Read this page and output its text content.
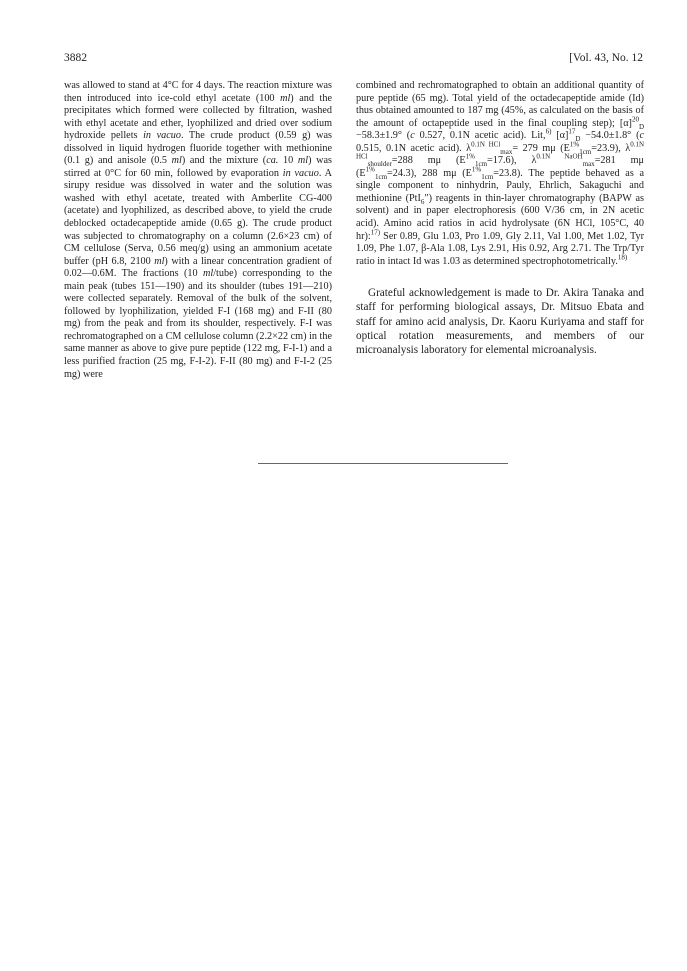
3882	[Vol. 43, No. 12

was allowed to stand at 4°C for 4 days. The reaction mixture was then introduced into ice-cold ethyl acetate (100 ml) and the precipitates which formed were collected by filtration, washed with ethyl acetate and ether, lyophilized and dried over sodium hydroxide pellets in vacuo. The crude product (0.59 g) was dissolved in liquid hydrogen fluoride together with methionine (0.1 g) and anisole (0.5 ml) and the mixture (ca. 10 ml) was stirred at 0°C for 60 min, followed by evaporation in vacuo. A sirupy residue was dissolved in water and the solution was washed with ethyl acetate, treated with Amberlite CG-400 (acetate) and lyophilized, as described above, to yield the crude deblocked octadecapeptide amide (0.65 g). The crude product was subjected to chromatography on a column (2.6×23 cm) of CM cellulose (Serva, 0.56 meq/g) using an ammonium acetate buffer (pH 6.8, 2100 ml) with a linear concentration gradient of 0.02—0.6M. The fractions (10 ml/tube) corresponding to the main peak (tubes 151—190) and its shoulder (tubes 191—210) were collected separately. Removal of the bulk of the solvent, followed by lyophilization, yielded F-I (168 mg) and F-II (80 mg) from the peak and from its shoulder, respectively. F-I was rechromatographed on a CM cellulose column (2.2×22 cm) in the same manner as above to give pure peptide (122 mg, F-I-1) and a less purified fraction (25 mg, F-I-2). F-II (80 mg) and F-I-2 (25 mg) were

combined and rechromatographed to obtain an additional quantity of pure peptide (65 mg). Total yield of the octadecapeptide amide (Id) thus obtained amounted to 187 mg (45%, as calculated on the basis of the amount of octapeptide used in the final coupling step); $[\alpha]^{20}_D -58.3\pm 1.9^\circ$ (c 0.527, 0.1N acetic acid). Lit,$^{6)}$ $[\alpha]^{17}_D -54.0\pm 1.8^\circ$ (c 0.515, 0.1N acetic acid). $\lambda^{0.1N HCl}_{max}= 279$ mμ $(E^{1\%}_{1cm}=23.9)$, $\lambda^{0.1N HCl}_{shoulder}=288$ mμ $(E^{1\%}_{1cm}=17.6)$, $\lambda^{0.1N NaOH}_{max}=281$ mμ $(E^{1\%}_{1cm}=24.3)$, 288 mμ $(E^{1\%}_{1cm}=23.8)$. The peptide behaved as a single component to ninhydrin, Pauly, Ehrlich, Sakaguchi and methionine (PtI$_6$″) reagents in thin-layer chromatography (BAPW as solvent) and in paper electrophoresis (600 V/36 cm, in 2N acetic acid). Amino acid ratios in acid hydrolysate (6N HCl, 105°C, 40 hr):$^{17)}$ Ser 0.89, Glu 1.03, Pro 1.09, Gly 2.11, Val 1.00, Met 1.02, Tyr 1.09, Phe 1.07, β-Ala 1.08, Lys 2.91, His 0.92, Arg 2.71. The Trp/Tyr ratio in intact Id was 1.03 as determined spectrophotometrically.$^{18)}$

Grateful acknowledgement is made to Dr. Akira Tanaka and staff for performing biological assays, Dr. Mitsuo Ebata and staff for amino acid analysis, Dr. Kaoru Kuriyama and staff for optical rotation measurements, and members of our microanalysis laboratory for elemental microanalysis.
